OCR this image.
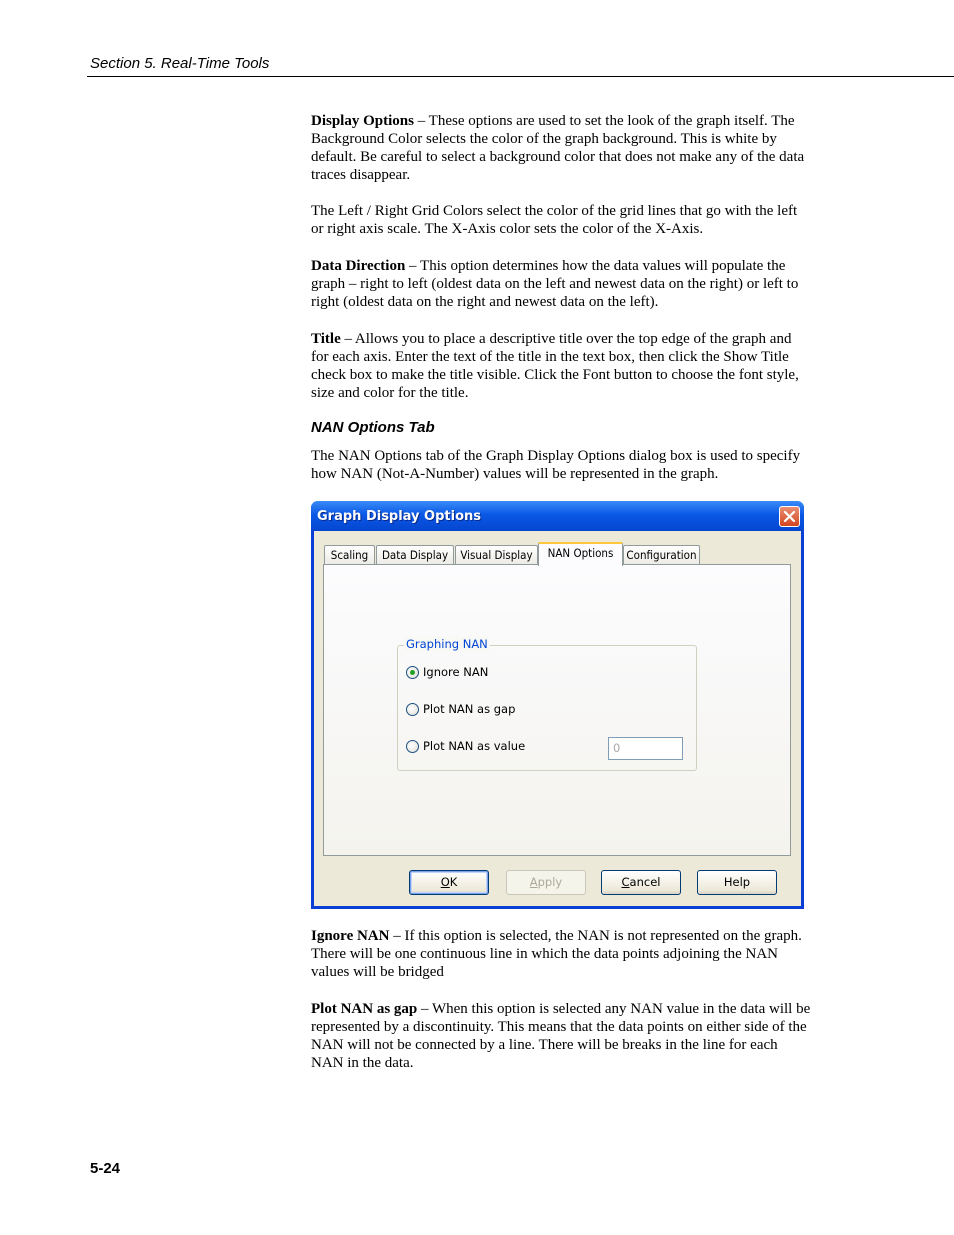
Section 5. Real-Time Tools

Display Options – These options are used to set the look of the graph itself. The Background Color selects the color of the graph background. This is white by default. Be careful to select a background color that does not make any of the data traces disappear.

The Left / Right Grid Colors select the color of the grid lines that go with the left or right axis scale. The X-Axis color sets the color of the X-Axis.

Data Direction – This option determines how the data values will populate the graph – right to left (oldest data on the left and newest data on the right) or left to right (oldest data on the right and newest data on the left).

Title – Allows you to place a descriptive title over the top edge of the graph and for each axis. Enter the text of the title in the text box, then click the Show Title check box to make the title visible. Click the Font button to choose the font style, size and color for the title.

NAN Options Tab

The NAN Options tab of the Graph Display Options dialog box is used to specify how NAN (Not-A-Number) values will be represented in the graph.

Graph Display Options
Scaling	Data Display	Visual Display	NAN Options	Configuration
Graphing NAN
Ignore NAN
Plot NAN as gap
Plot NAN as value	0
OK	Apply	Cancel	Help

Ignore NAN – If this option is selected, the NAN is not represented on the graph. There will be one continuous line in which the data points adjoining the NAN values will be bridged

Plot NAN as gap – When this option is selected any NAN value in the data will be represented by a discontinuity. This means that the data points on either side of the NAN will not be connected by a line. There will be breaks in the line for each NAN in the data.

5-24
